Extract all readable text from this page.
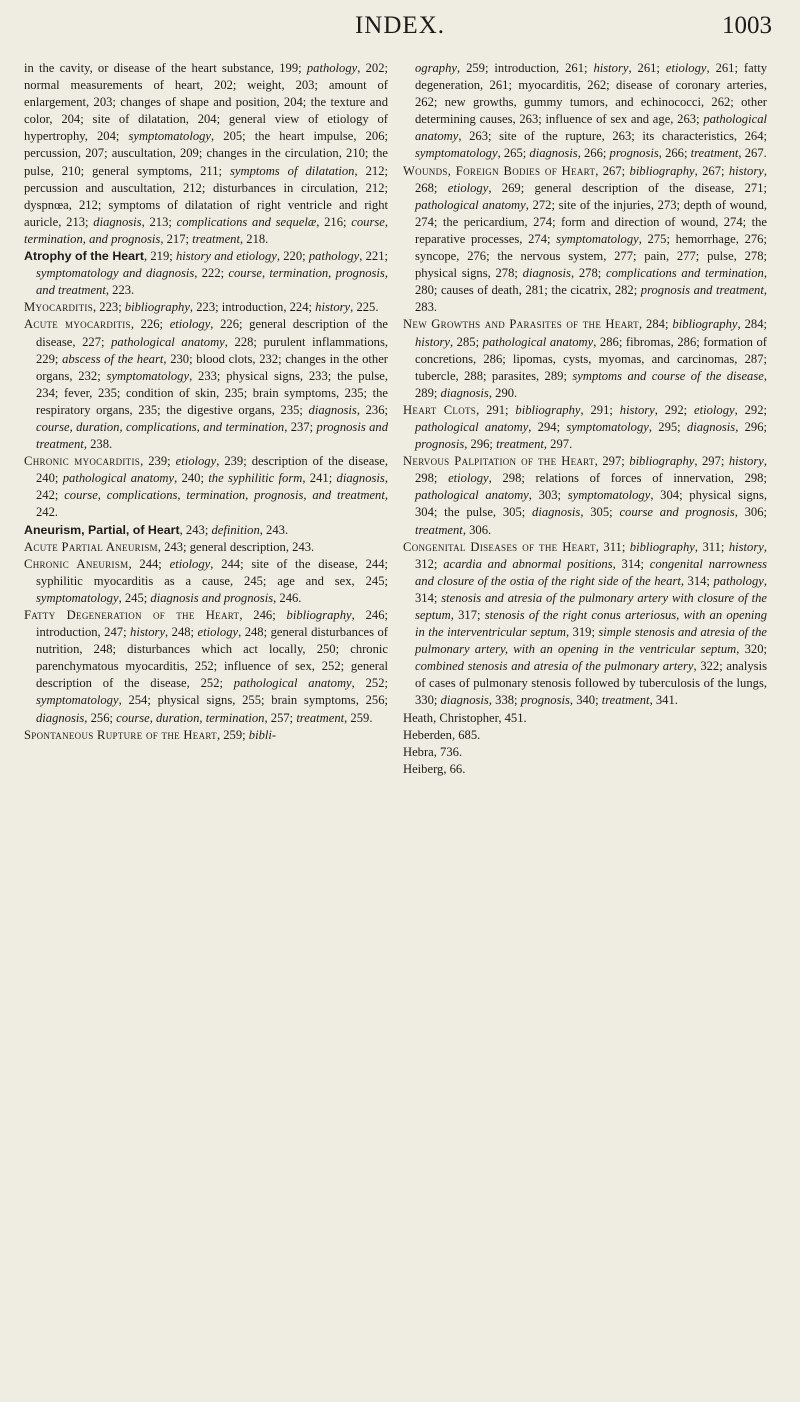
INDEX.	1003

in the cavity, or disease of the heart substance, 199; pathology, 202; normal measurements of heart, 202; weight, 203; amount of enlargement, 203; changes of shape and position, 204; the texture and color, 204; site of dilatation, 204; general view of etiology of hypertrophy, 204; symptomatology, 205; the heart impulse, 206; percussion, 207; auscultation, 209; changes in the circulation, 210; the pulse, 210; general symptoms, 211; symptoms of dilatation, 212; percussion and auscultation, 212; disturbances in circulation, 212; dyspnœa, 212; symptoms of dilatation of right ventricle and right auricle, 213; diagnosis, 213; complications and sequelæ, 216; course, termination, and prognosis, 217; treatment, 218.

Atrophy of the Heart, 219; history and etiology, 220; pathology, 221; symptomatology and diagnosis, 222; course, termination, prognosis, and treatment, 223.

Myocarditis, 223; bibliography, 223; introduction, 224; history, 225.

Acute myocarditis, 226; etiology, 226; general description of the disease, 227; pathological anatomy, 228; purulent inflammations, 229; abscess of the heart, 230; blood clots, 232; changes in the other organs, 232; symptomatology, 233; physical signs, 233; the pulse, 234; fever, 235; condition of skin, 235; brain symptoms, 235; the respiratory organs, 235; the digestive organs, 235; diagnosis, 236; course, duration, complications, and termination, 237; prognosis and treatment, 238.

Chronic myocarditis, 239; etiology, 239; description of the disease, 240; pathological anatomy, 240; the syphilitic form, 241; diagnosis, 242; course, complications, termination, prognosis, and treatment, 242.

Aneurism, Partial, of Heart, 243; definition, 243.

Acute Partial Aneurism, 243; general description, 243.

Chronic Aneurism, 244; etiology, 244; site of the disease, 244; syphilitic myocarditis as a cause, 245; age and sex, 245; symptomatology, 245; diagnosis and prognosis, 246.

Fatty Degeneration of the Heart, 246; bibliography, 246; introduction, 247; history, 248; etiology, 248; general disturbances of nutrition, 248; disturbances which act locally, 250; chronic parenchymatous myocarditis, 252; influence of sex, 252; general description of the disease, 252; pathological anatomy, 252; symptomatology, 254; physical signs, 255; brain symptoms, 256; diagnosis, 256; course, duration, termination, 257; treatment, 259.

Spontaneous Rupture of the Heart, 259; bibli-

ography, 259; introduction, 261; history, 261; etiology, 261; fatty degeneration, 261; myocarditis, 262; disease of coronary arteries, 262; new growths, gummy tumors, and echinococci, 262; other determining causes, 263; influence of sex and age, 263; pathological anatomy, 263; site of the rupture, 263; its characteristics, 264; symptomatology, 265; diagnosis, 266; prognosis, 266; treatment, 267.

Wounds, Foreign Bodies of Heart, 267; bibliography, 267; history, 268; etiology, 269; general description of the disease, 271; pathological anatomy, 272; site of the injuries, 273; depth of wound, 274; the pericardium, 274; form and direction of wound, 274; the reparative processes, 274; symptomatology, 275; hemorrhage, 276; syncope, 276; the nervous system, 277; pain, 277; pulse, 278; physical signs, 278; diagnosis, 278; complications and termination, 280; causes of death, 281; the cicatrix, 282; prognosis and treatment, 283.

New Growths and Parasites of the Heart, 284; bibliography, 284; history, 285; pathological anatomy, 286; fibromas, 286; formation of concretions, 286; lipomas, cysts, myomas, and carcinomas, 287; tubercle, 288; parasites, 289; symptoms and course of the disease, 289; diagnosis, 290.

Heart Clots, 291; bibliography, 291; history, 292; etiology, 292; pathological anatomy, 294; symptomatology, 295; diagnosis, 296; prognosis, 296; treatment, 297.

Nervous Palpitation of the Heart, 297; bibliography, 297; history, 298; etiology, 298; relations of forces of innervation, 298; pathological anatomy, 303; symptomatology, 304; physical signs, 304; the pulse, 305; diagnosis, 305; course and prognosis, 306; treatment, 306.

Congenital Diseases of the Heart, 311; bibliography, 311; history, 312; acardia and abnormal positions, 314; congenital narrowness and closure of the ostia of the right side of the heart, 314; pathology, 314; stenosis and atresia of the pulmonary artery with closure of the septum, 317; stenosis of the right conus arteriosus, with an opening in the interventricular septum, 319; simple stenosis and atresia of the pulmonary artery, with an opening in the ventricular septum, 320; combined stenosis and atresia of the pulmonary artery, 322; analysis of cases of pulmonary stenosis followed by tuberculosis of the lungs, 330; diagnosis, 338; prognosis, 340; treatment, 341.

Heath, Christopher, 451.

Heberden, 685.

Hebra, 736.

Heiberg, 66.
